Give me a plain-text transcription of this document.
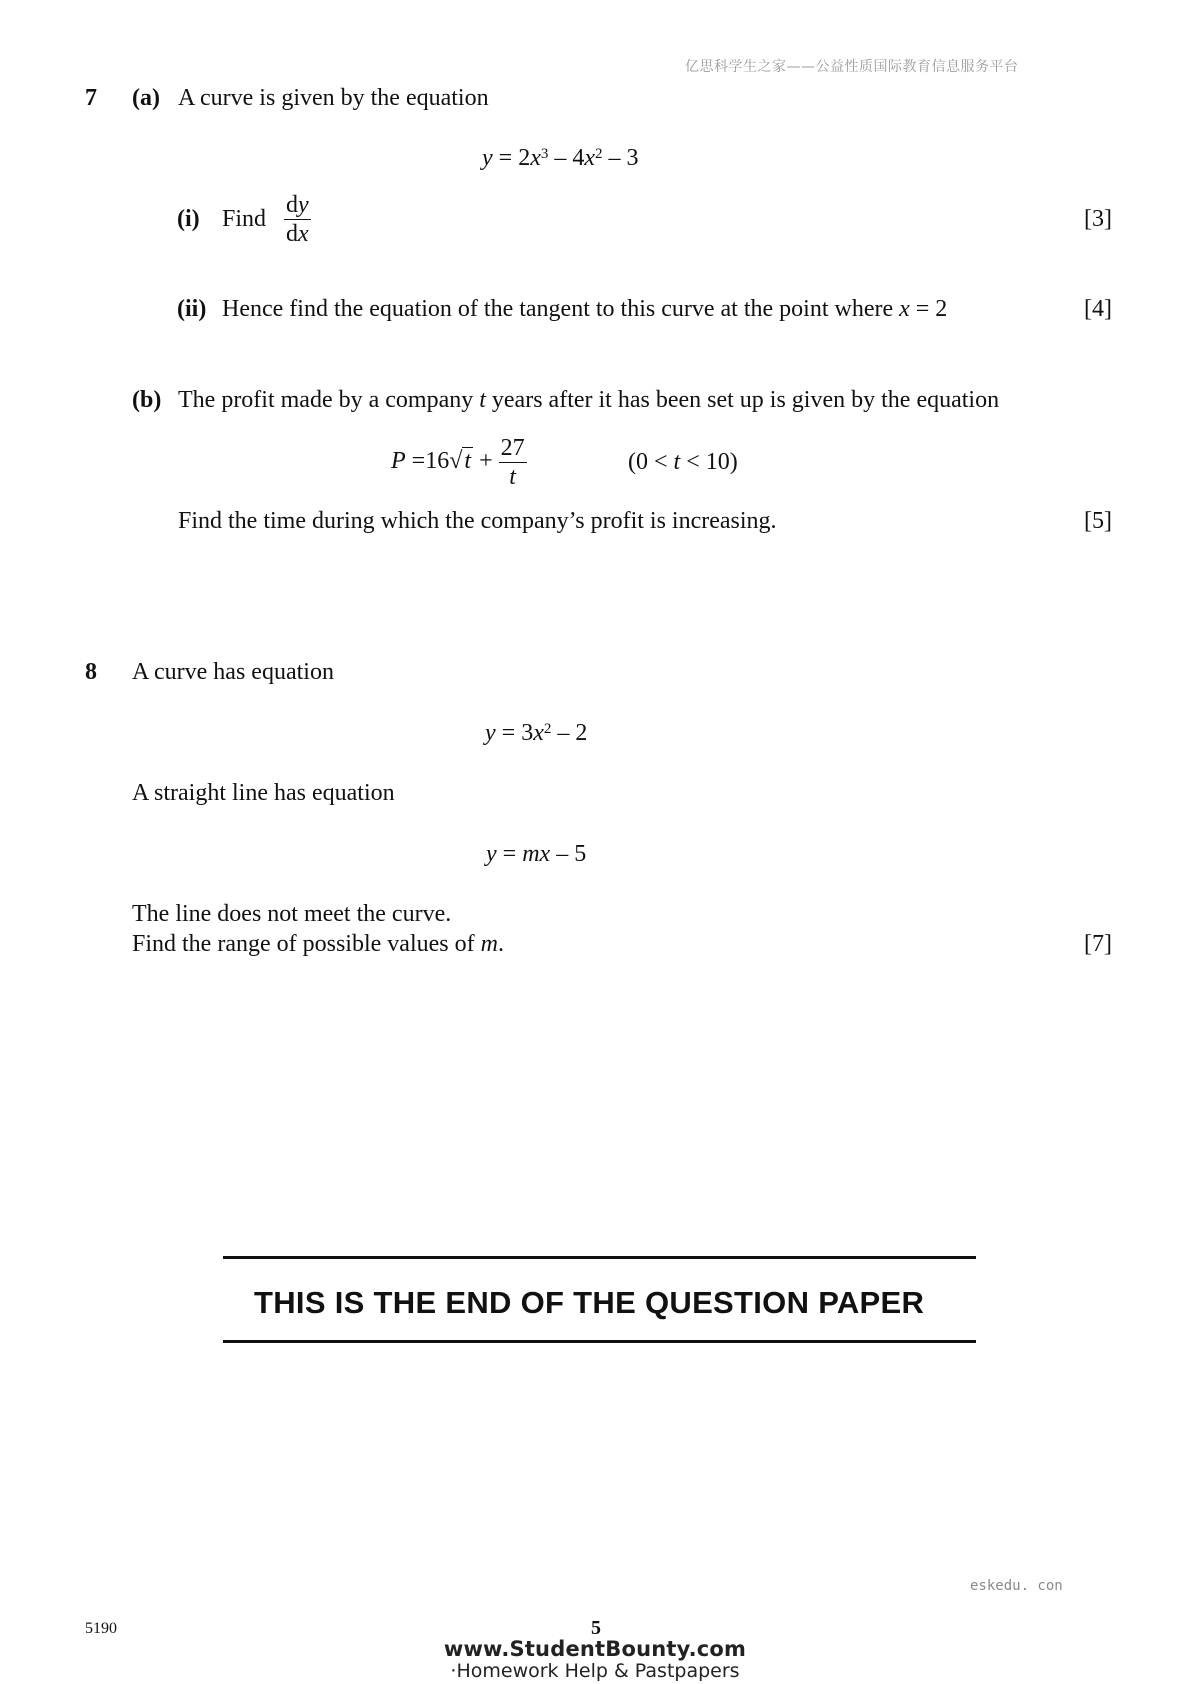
亿思科学生之家——公益性质国际教育信息服务平台
7 (a) A curve is given by the equation
$y = 2x^3 - 4x^2 - 3$
(i) Find $\frac{dy}{dx}$	[3]
(ii) Hence find the equation of the tangent to this curve at the point where x = 2	[4]
(b) The profit made by a company t years after it has been set up is given by the equation
$P =16√t + \frac{27}{t}$	(0 < t < 10)
Find the time during which the company’s profit is increasing.	[5]
8 A curve has equation
$y = 3x^2 - 2$
A straight line has equation
y = mx – 5
The line does not meet the curve.
Find the range of possible values of m.	[7]
THIS IS THE END OF THE QUESTION PAPER
eskedu. con
5190	5
www.StudentBounty.com
·Homework Help & Pastpapers
